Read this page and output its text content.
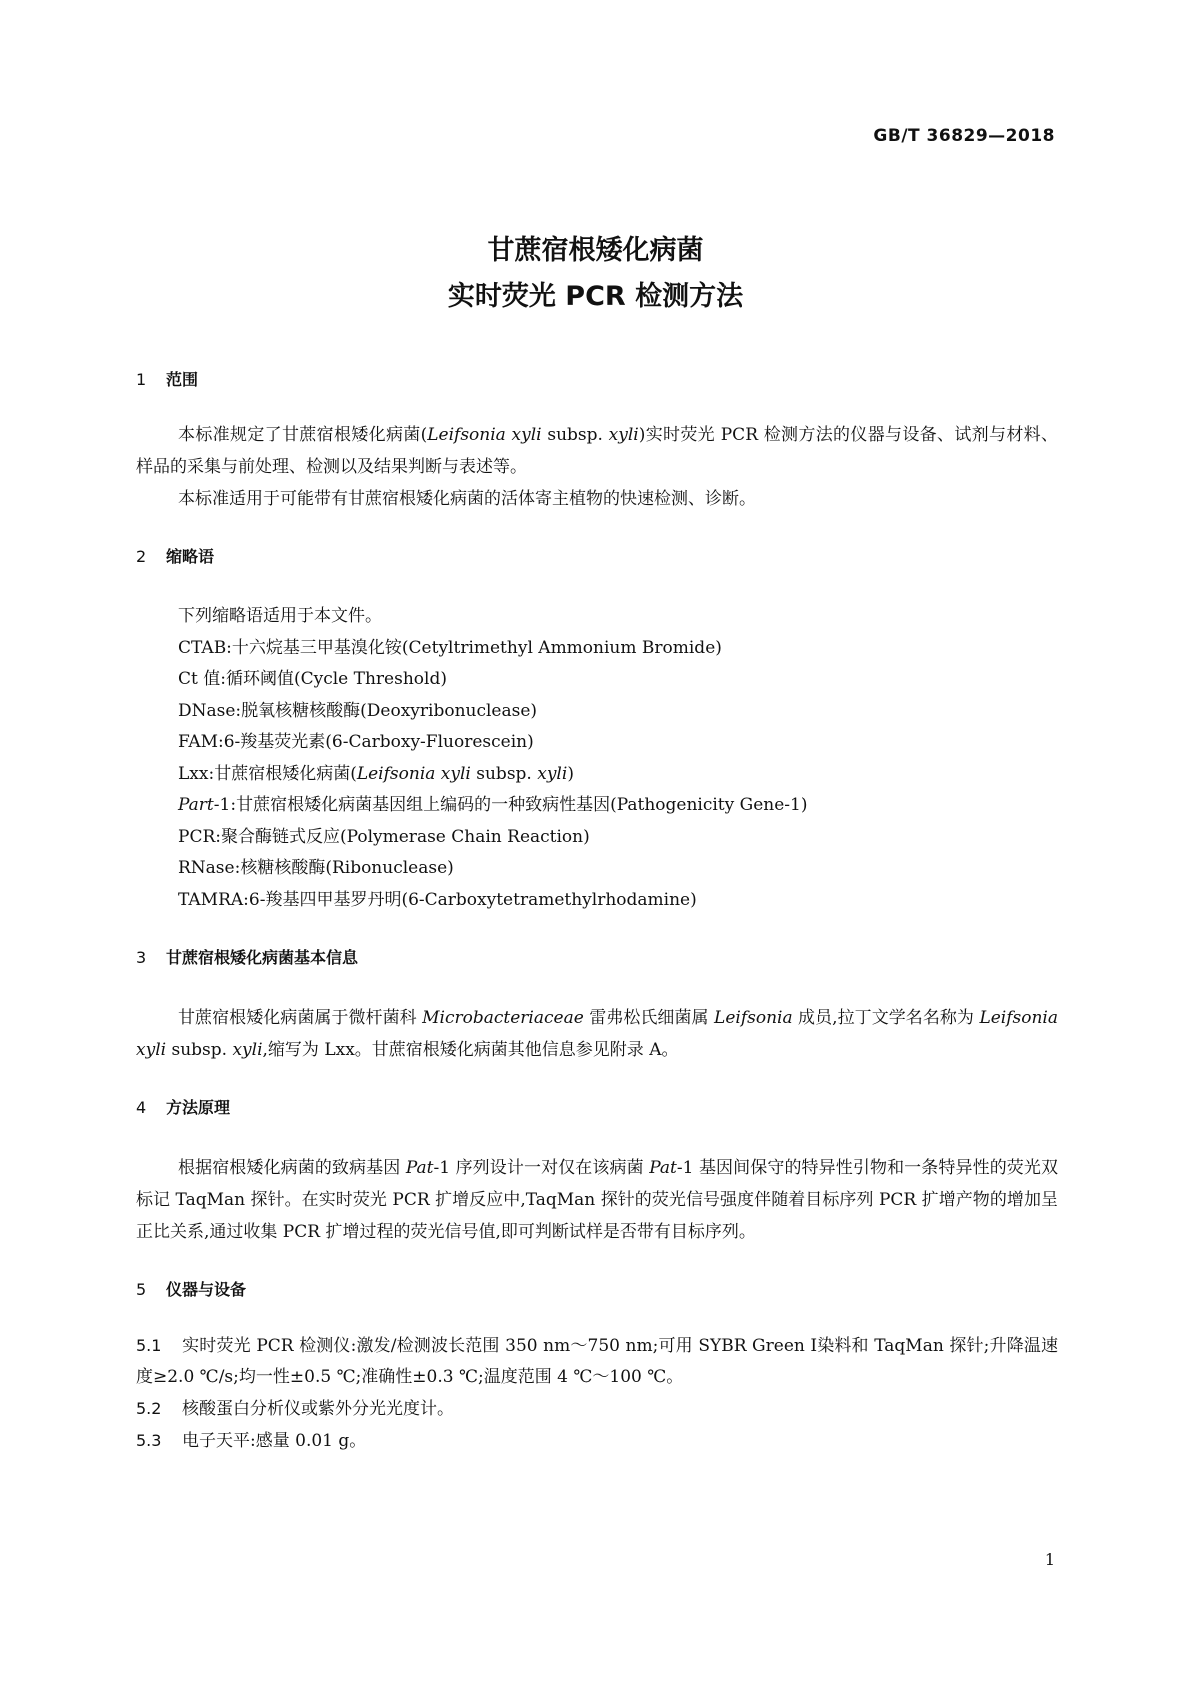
GB/T 36829—2018
甘蔗宿根矮化病菌
实时荧光 PCR 检测方法
1 范围

本标准规定了甘蔗宿根矮化病菌(Leifsonia xyli subsp. xyli)实时荧光 PCR 检测方法的仪器与设备、试剂与材料、样品的采集与前处理、检测以及结果判断与表述等。

本标准适用于可能带有甘蔗宿根矮化病菌的活体寄主植物的快速检测、诊断。

2 缩略语
下列缩略语适用于本文件。
CTAB:十六烷基三甲基溴化铵(Cetyltrimethyl Ammonium Bromide)
Ct 值:循环阈值(Cycle Threshold)
DNase:脱氧核糖核酸酶(Deoxyribonuclease)
FAM:6-羧基荧光素(6-Carboxy-Fluorescein)
Lxx:甘蔗宿根矮化病菌(Leifsonia xyli subsp. xyli)
Part-1:甘蔗宿根矮化病菌基因组上编码的一种致病性基因(Pathogenicity Gene-1)
PCR:聚合酶链式反应(Polymerase Chain Reaction)
RNase:核糖核酸酶(Ribonuclease)
TAMRA:6-羧基四甲基罗丹明(6-Carboxytetramethylrhodamine)
3 甘蔗宿根矮化病菌基本信息

甘蔗宿根矮化病菌属于微杆菌科 Microbacteriaceae 雷弗松氏细菌属 Leifsonia 成员,拉丁文学名名称为 Leifsonia xyli subsp. xyli,缩写为 Lxx。甘蔗宿根矮化病菌其他信息参见附录 A。

4 方法原理

根据宿根矮化病菌的致病基因 Pat-1 序列设计一对仅在该病菌 Pat-1 基因间保守的特异性引物和一条特异性的荧光双标记 TaqMan 探针。在实时荧光 PCR 扩增反应中,TaqMan 探针的荧光信号强度伴随着目标序列 PCR 扩增产物的增加呈正比关系,通过收集 PCR 扩增过程的荧光信号值,即可判断试样是否带有目标序列。

5 仪器与设备

5.1 实时荧光 PCR 检测仪:激发/检测波长范围 350 nm～750 nm;可用 SYBR Green Ⅰ染料和 TaqMan 探针;升降温速度≥2.0 ℃/s;均一性±0.5 ℃;准确性±0.3 ℃;温度范围 4 ℃～100 ℃。

5.2 核酸蛋白分析仪或紫外分光光度计。

5.3 电子天平:感量 0.01 g。

1
